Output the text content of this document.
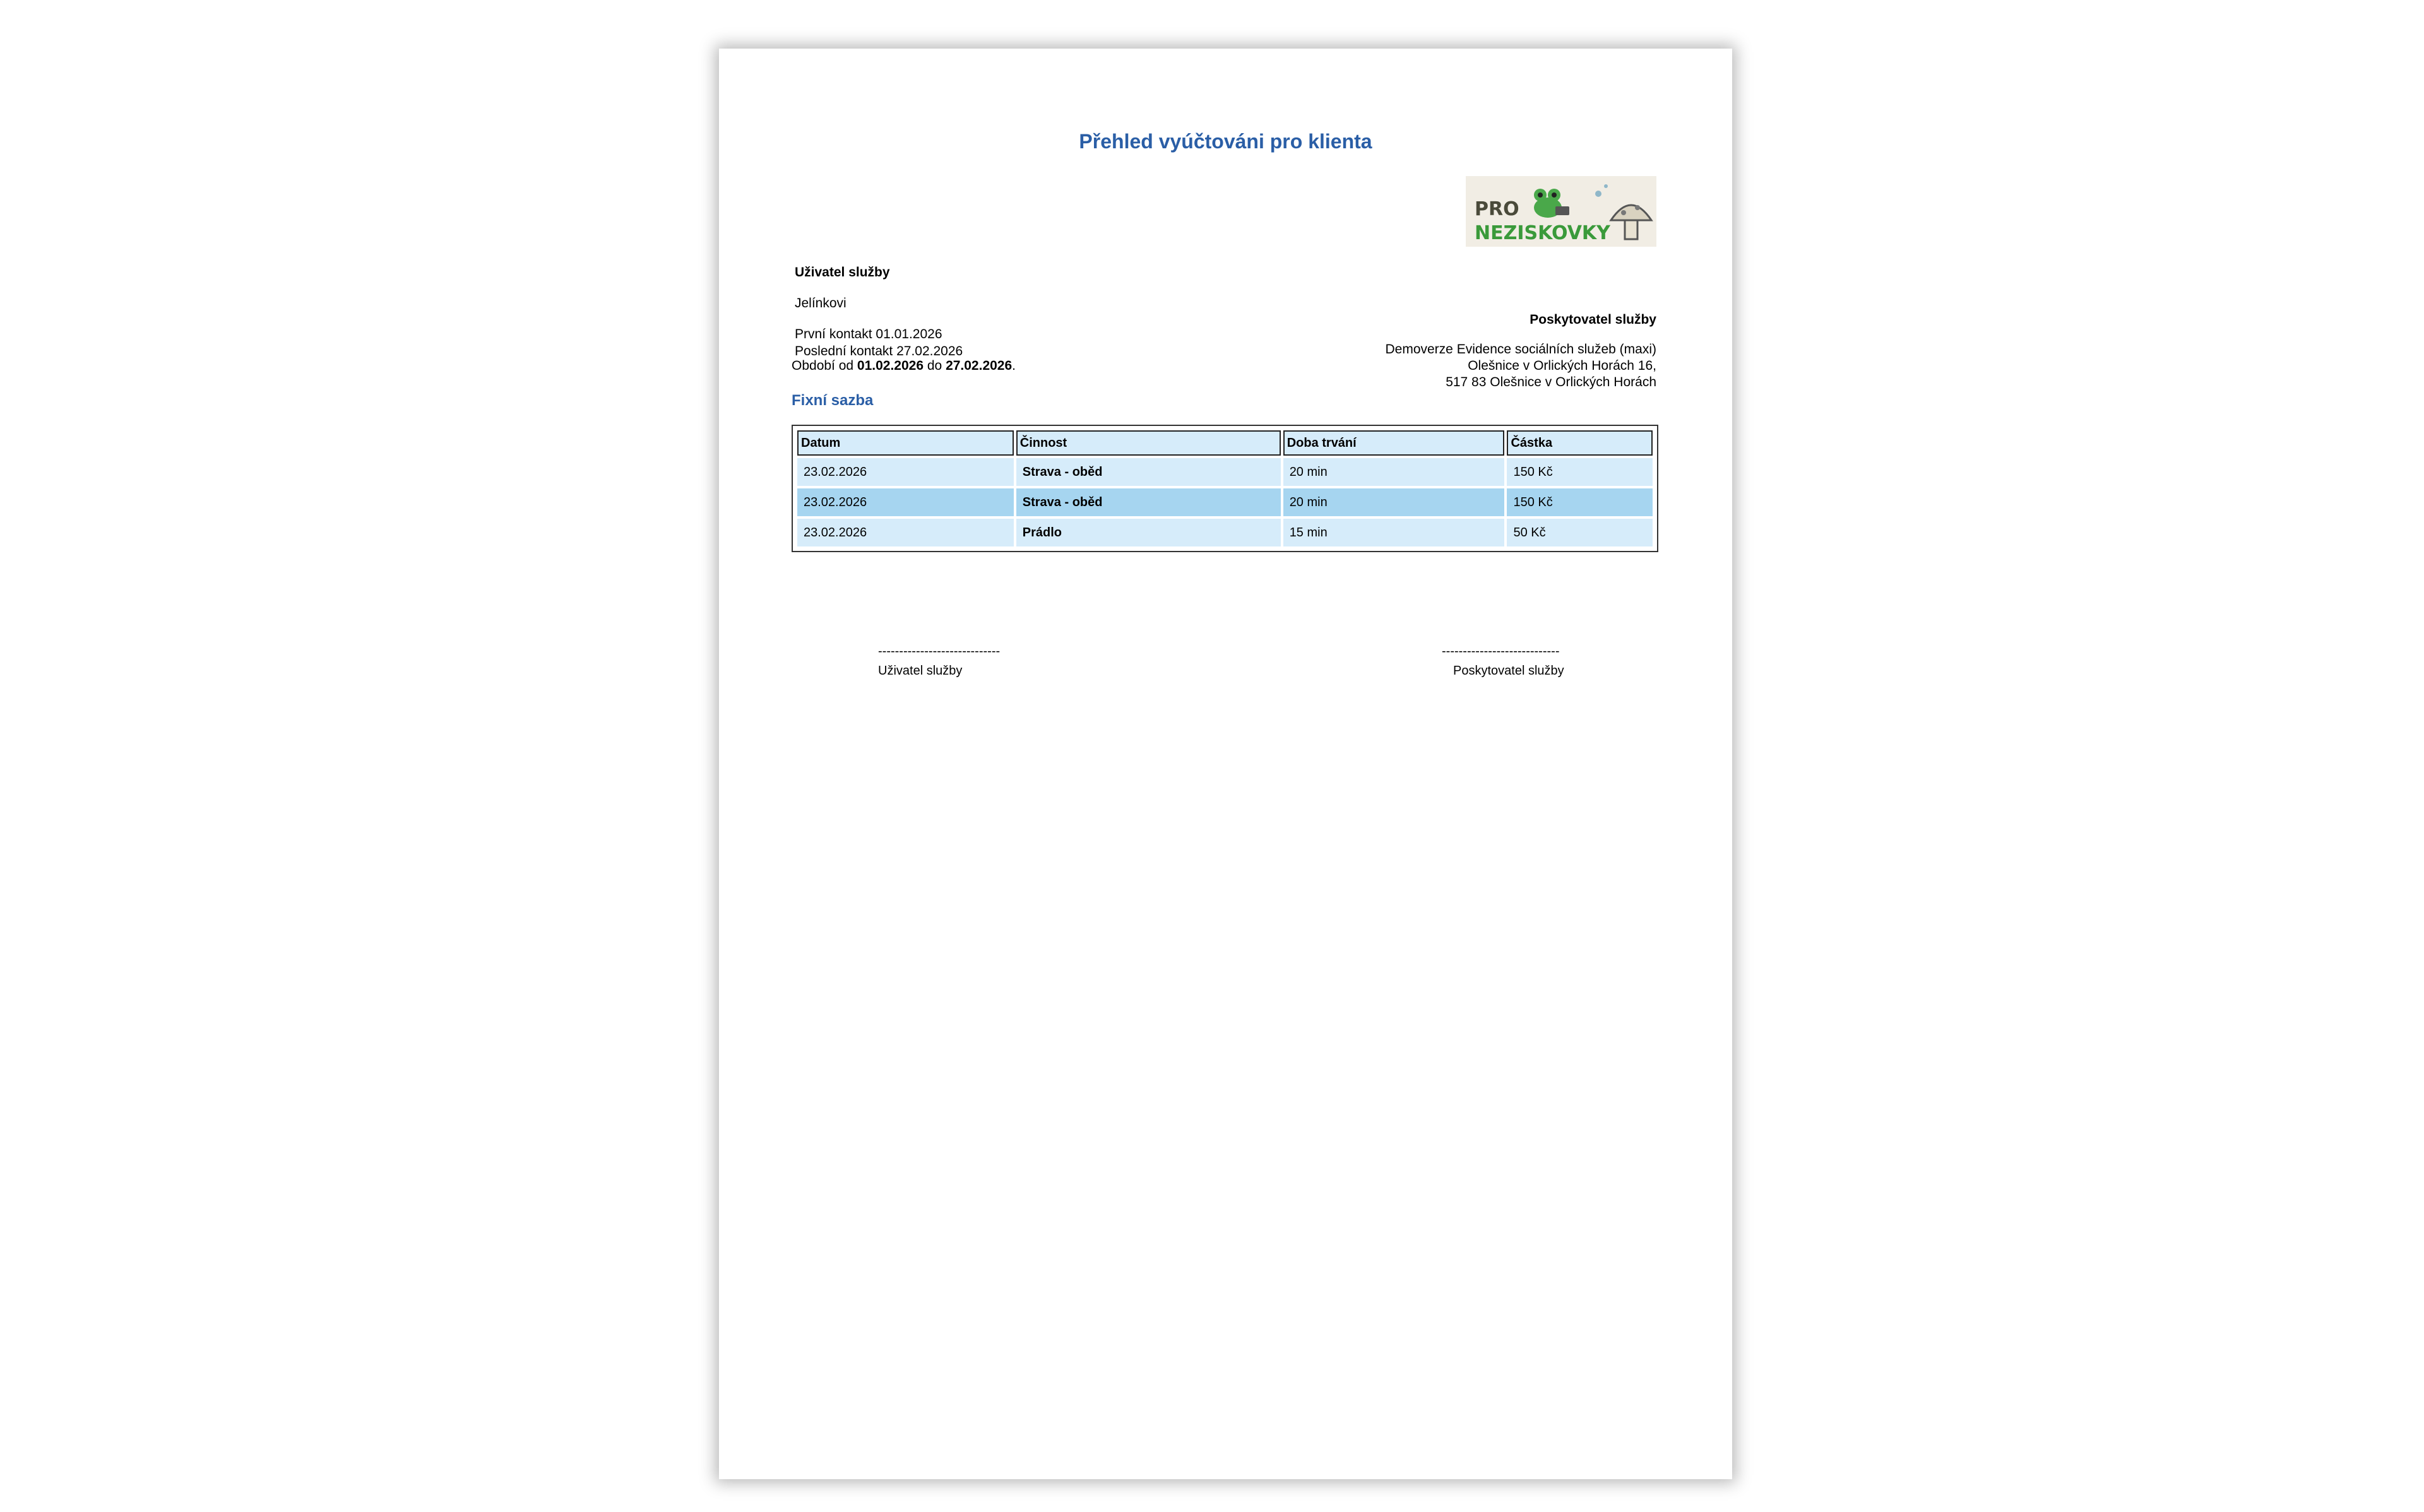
Přehled vyúčtováni pro klienta
Uživatel služby
Jelínkovi
První kontakt 01.01.2026
Poslední kontakt 27.02.2026
PRO
NEZISKOVKY
Poskytovatel služby
Demoverze Evidence sociálních služeb (maxi)
Olešnice v Orlických Horách 16,
517 83 Olešnice v Orlických Horách
Období od 01.02.2026 do 27.02.2026.
Fixní sazba
Datum	Činnost	Doba trvání	Částka
23.02.2026	Strava - oběd	20 min	150 Kč
23.02.2026	Strava - oběd	20 min	150 Kč
23.02.2026	Prádlo	15 min	50 Kč
-----------------------------
Uživatel služby
----------------------------
Poskytovatel služby
